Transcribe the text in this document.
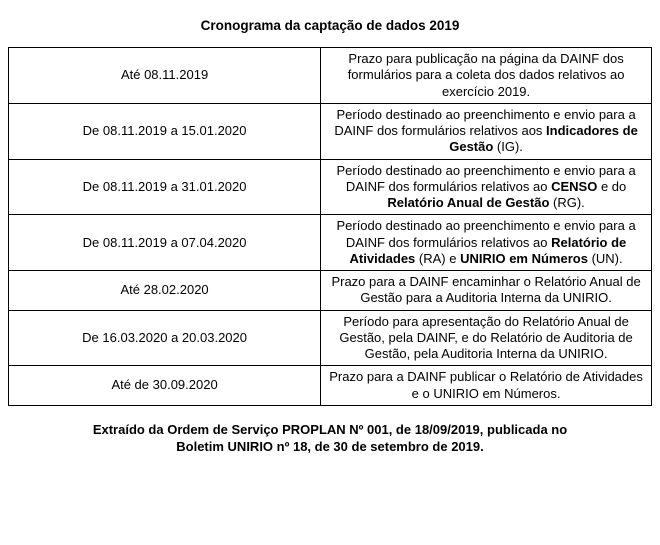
Cronograma da captação de dados 2019
Até 08.11.2019	Prazo para publicação na página da DAINF dos formulários para a coleta dos dados relativos ao exercício 2019.
De 08.11.2019 a 15.01.2020	Período destinado ao preenchimento e envio para a DAINF dos formulários relativos aos Indicadores de Gestão (IG).
De 08.11.2019 a 31.01.2020	Período destinado ao preenchimento e envio para a DAINF dos formulários relativos ao CENSO e do Relatório Anual de Gestão (RG).
De 08.11.2019 a 07.04.2020	Período destinado ao preenchimento e envio para a DAINF dos formulários relativos ao Relatório de Atividades (RA) e UNIRIO em Números (UN).
Até 28.02.2020	Prazo para a DAINF encaminhar o Relatório Anual de Gestão para a Auditoria Interna da UNIRIO.
De 16.03.2020 a 20.03.2020	Período para apresentação do Relatório Anual de Gestão, pela DAINF, e do Relatório de Auditoria de Gestão, pela Auditoria Interna da UNIRIO.
Até de 30.09.2020	Prazo para a DAINF publicar o Relatório de Atividades e o UNIRIO em Números.
Extraído da Ordem de Serviço PROPLAN Nº 001, de 18/09/2019, publicada no
Boletim UNIRIO nº 18, de 30 de setembro de 2019.
